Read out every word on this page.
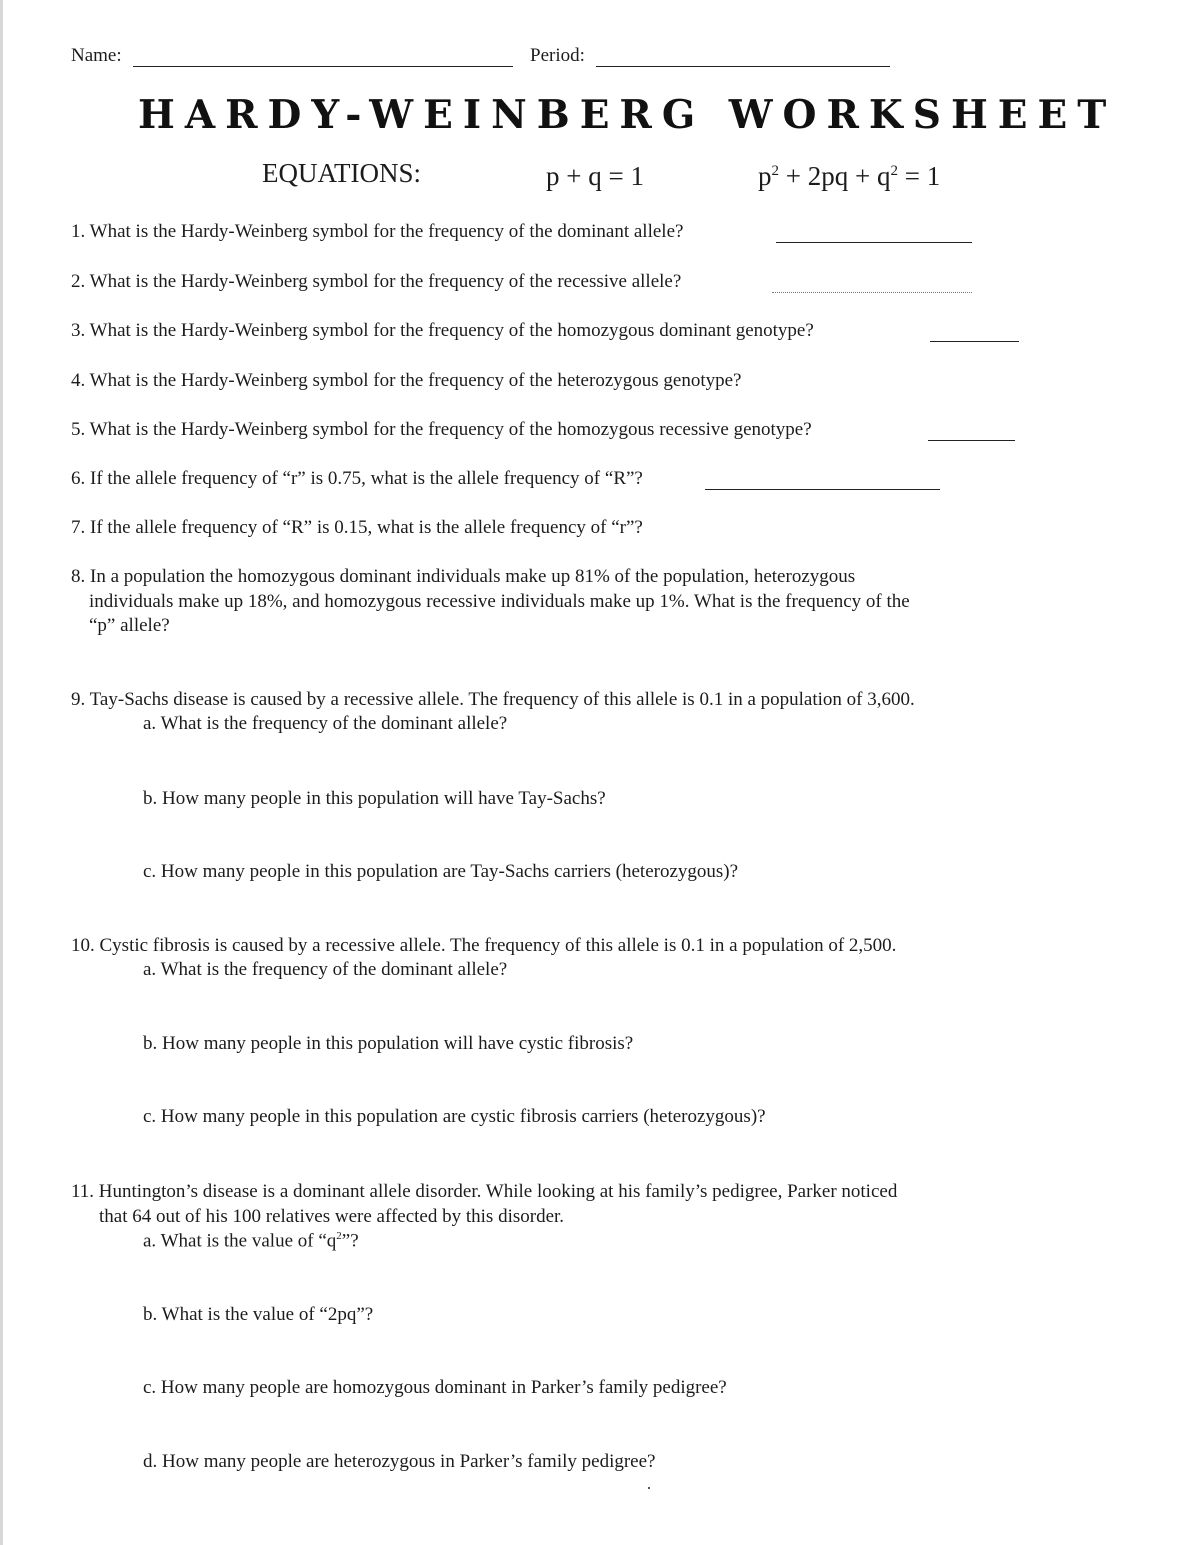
Name:	Period:
HARDY-WEINBERG WORKSHEET
EQUATIONS:	p + q = 1	$p^2 + 2pq + q^2 = 1$
1. What is the Hardy-Weinberg symbol for the frequency of the dominant allele?
2. What is the Hardy-Weinberg symbol for the frequency of the recessive allele?
3. What is the Hardy-Weinberg symbol for the frequency of the homozygous dominant genotype?
4. What is the Hardy-Weinberg symbol for the frequency of the heterozygous genotype?
5. What is the Hardy-Weinberg symbol for the frequency of the homozygous recessive genotype?
6. If the allele frequency of “r” is 0.75, what is the allele frequency of “R”?
7. If the allele frequency of “R” is 0.15, what is the allele frequency of “r”?
8. In a population the homozygous dominant individuals make up 81% of the population, heterozygous
individuals make up 18%, and homozygous recessive individuals make up 1%. What is the frequency of the
“p” allele?
9. Tay-Sachs disease is caused by a recessive allele. The frequency of this allele is 0.1 in a population of 3,600.
a. What is the frequency of the dominant allele?
b. How many people in this population will have Tay-Sachs?
c. How many people in this population are Tay-Sachs carriers (heterozygous)?
10. Cystic fibrosis is caused by a recessive allele. The frequency of this allele is 0.1 in a population of 2,500.
a. What is the frequency of the dominant allele?
b. How many people in this population will have cystic fibrosis?
c. How many people in this population are cystic fibrosis carriers (heterozygous)?
11. Huntington’s disease is a dominant allele disorder. While looking at his family’s pedigree, Parker noticed
that 64 out of his 100 relatives were affected by this disorder.
a. What is the value of “$q^2$”?
b. What is the value of “2pq”?
c. How many people are homozygous dominant in Parker’s family pedigree?
d. How many people are heterozygous in Parker’s family pedigree?
